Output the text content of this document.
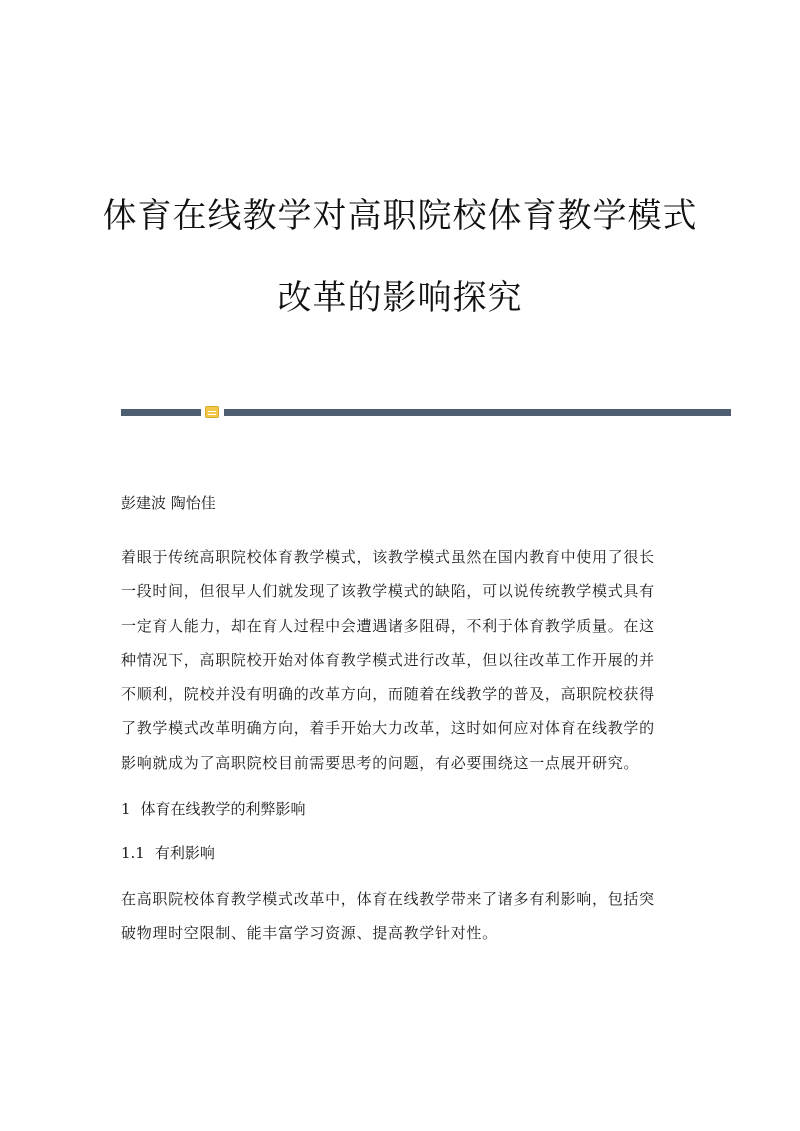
体育在线教学对高职院校体育教学模式
改革的影响探究

彭建波 陶怡佳

着眼于传统高职院校体育教学模式，该教学模式虽然在国内教育中使用了很长

一段时间，但很早人们就发现了该教学模式的缺陷，可以说传统教学模式具有

一定育人能力，却在育人过程中会遭遇诸多阻碍，不利于体育教学质量。在这

种情况下，高职院校开始对体育教学模式进行改革，但以往改革工作开展的并

不顺利，院校并没有明确的改革方向，而随着在线教学的普及，高职院校获得

了教学模式改革明确方向，着手开始大力改革，这时如何应对体育在线教学的

影响就成为了高职院校目前需要思考的问题，有必要围绕这一点展开研究。

1 体育在线教学的利弊影响

1.1 有利影响

在高职院校体育教学模式改革中，体育在线教学带来了诸多有利影响，包括突

破物理时空限制、能丰富学习资源、提高教学针对性。
